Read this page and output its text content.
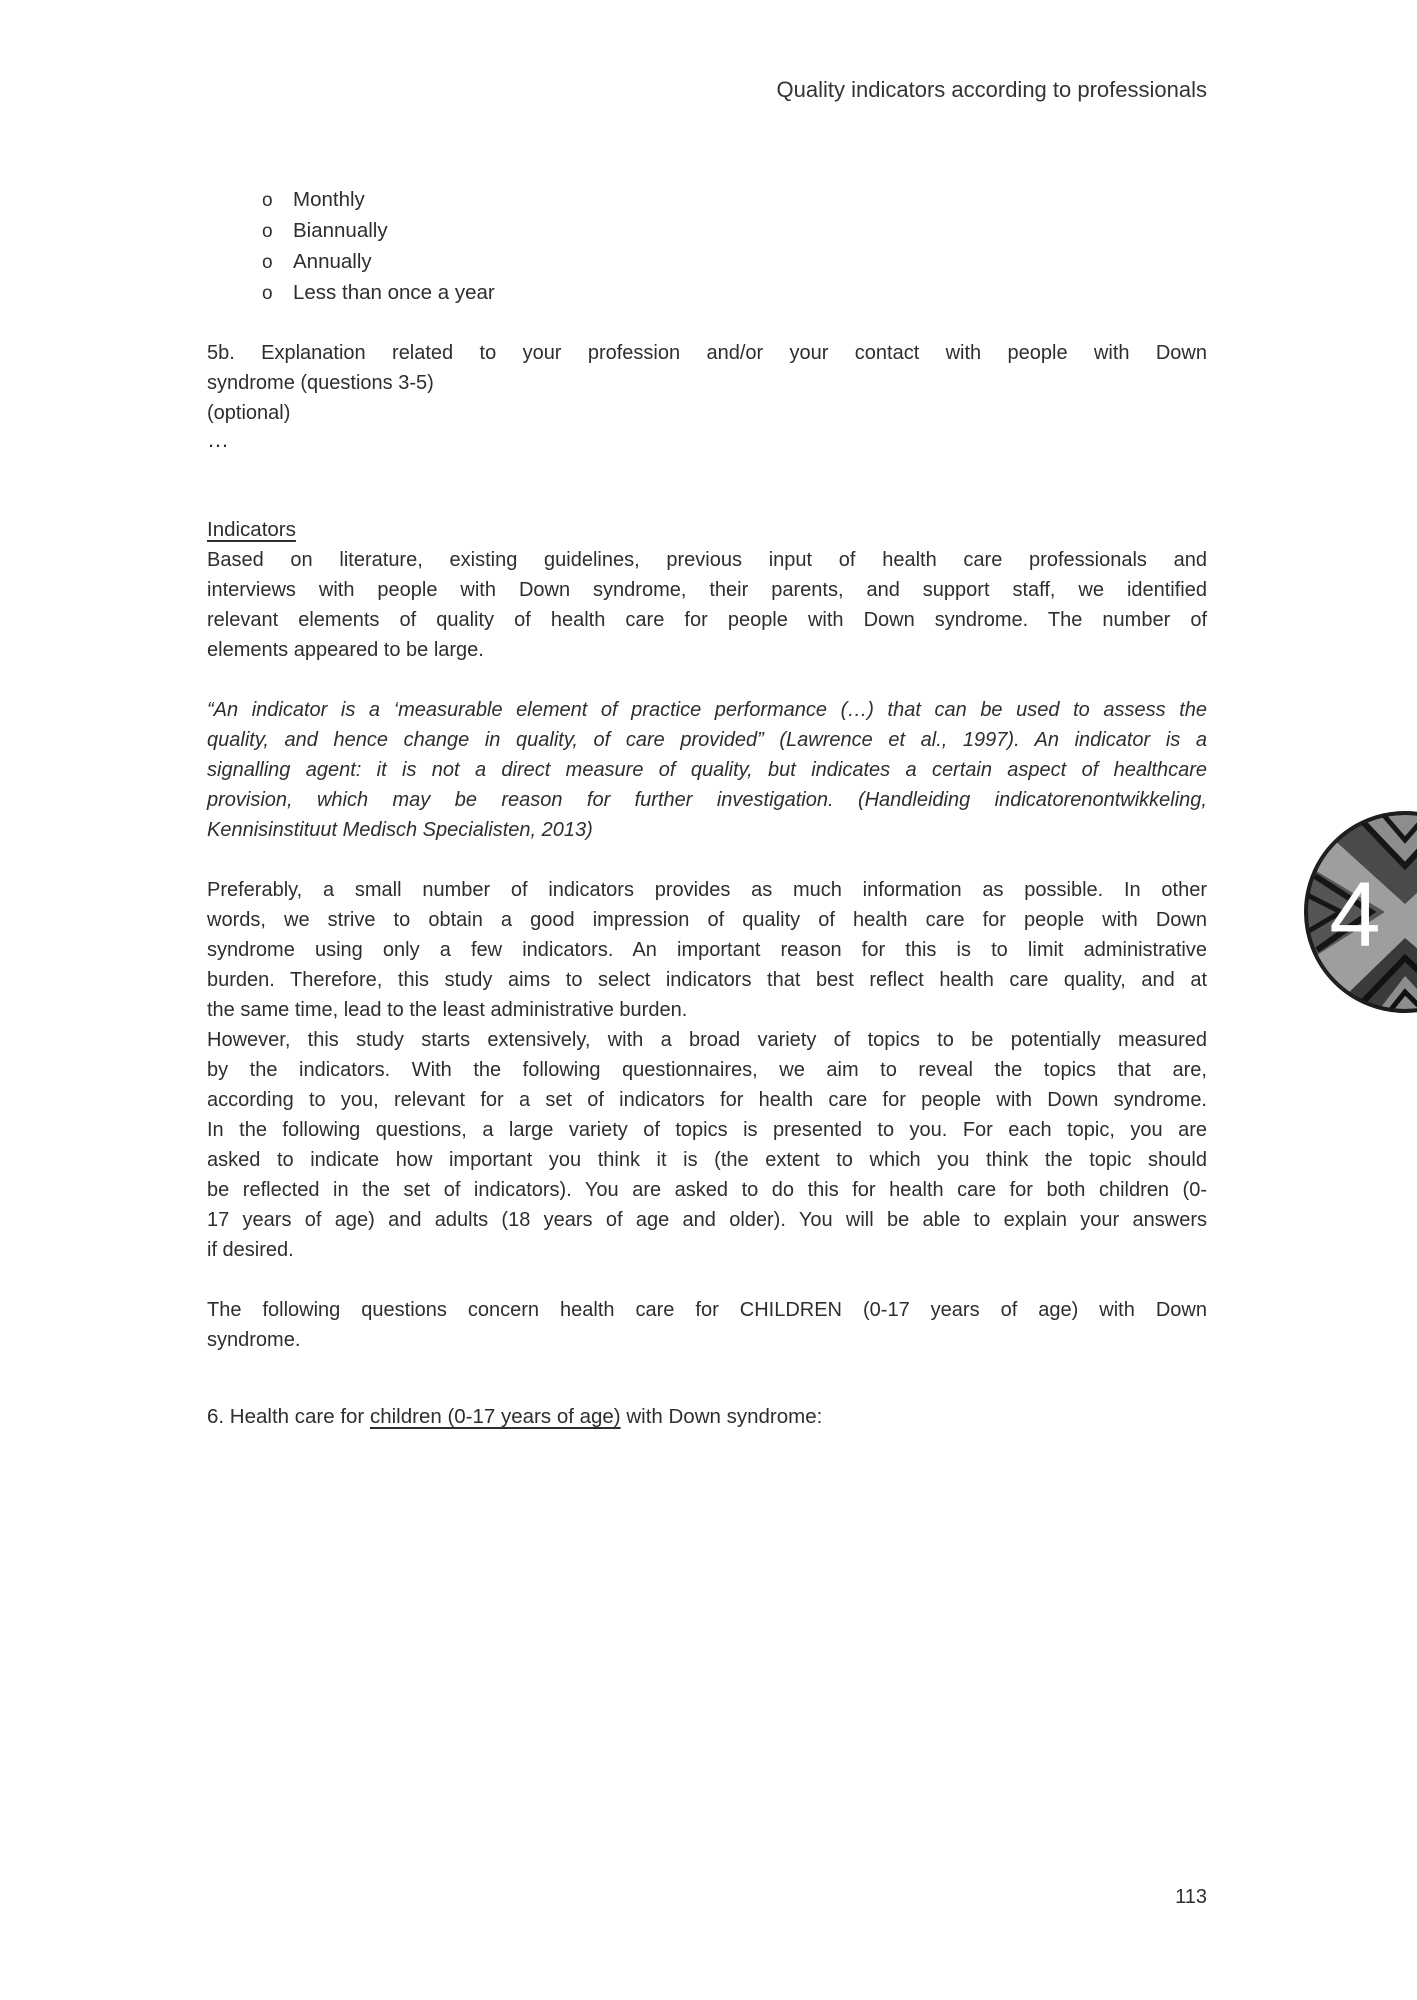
Quality indicators according to professionals
o Monthly
o Biannually
o Annually
o Less than once a year
5b. Explanation related to your profession and/or your contact with people with Down
syndrome (questions 3-5)
(optional)
…
Indicators
Based on literature, existing guidelines, previous input of health care professionals and
interviews with people with Down syndrome, their parents, and support staff, we identified
relevant elements of quality of health care for people with Down syndrome. The number of
elements appeared to be large.
“An indicator is a ‘measurable element of practice performance (…) that can be used to assess the
quality, and hence change in quality, of care provided” (Lawrence et al., 1997). An indicator is a
signalling agent: it is not a direct measure of quality, but indicates a certain aspect of healthcare
provision, which may be reason for further investigation. (Handleiding indicatorenontwikkeling,
Kennisinstituut Medisch Specialisten, 2013)
Preferably, a small number of indicators provides as much information as possible. In other
words, we strive to obtain a good impression of quality of health care for people with Down
syndrome using only a few indicators. An important reason for this is to limit administrative
burden. Therefore, this study aims to select indicators that best reflect health care quality, and at
the same time, lead to the least administrative burden.
However, this study starts extensively, with a broad variety of topics to be potentially measured
by the indicators. With the following questionnaires, we aim to reveal the topics that are,
according to you, relevant for a set of indicators for health care for people with Down syndrome.
In the following questions, a large variety of topics is presented to you. For each topic, you are
asked to indicate how important you think it is (the extent to which you think the topic should
be reflected in the set of indicators). You are asked to do this for health care for both children (0-
17 years of age) and adults (18 years of age and older). You will be able to explain your answers
if desired.
The following questions concern health care for CHILDREN (0-17 years of age) with Down
syndrome.
6. Health care for children (0-17 years of age) with Down syndrome:
4
113
